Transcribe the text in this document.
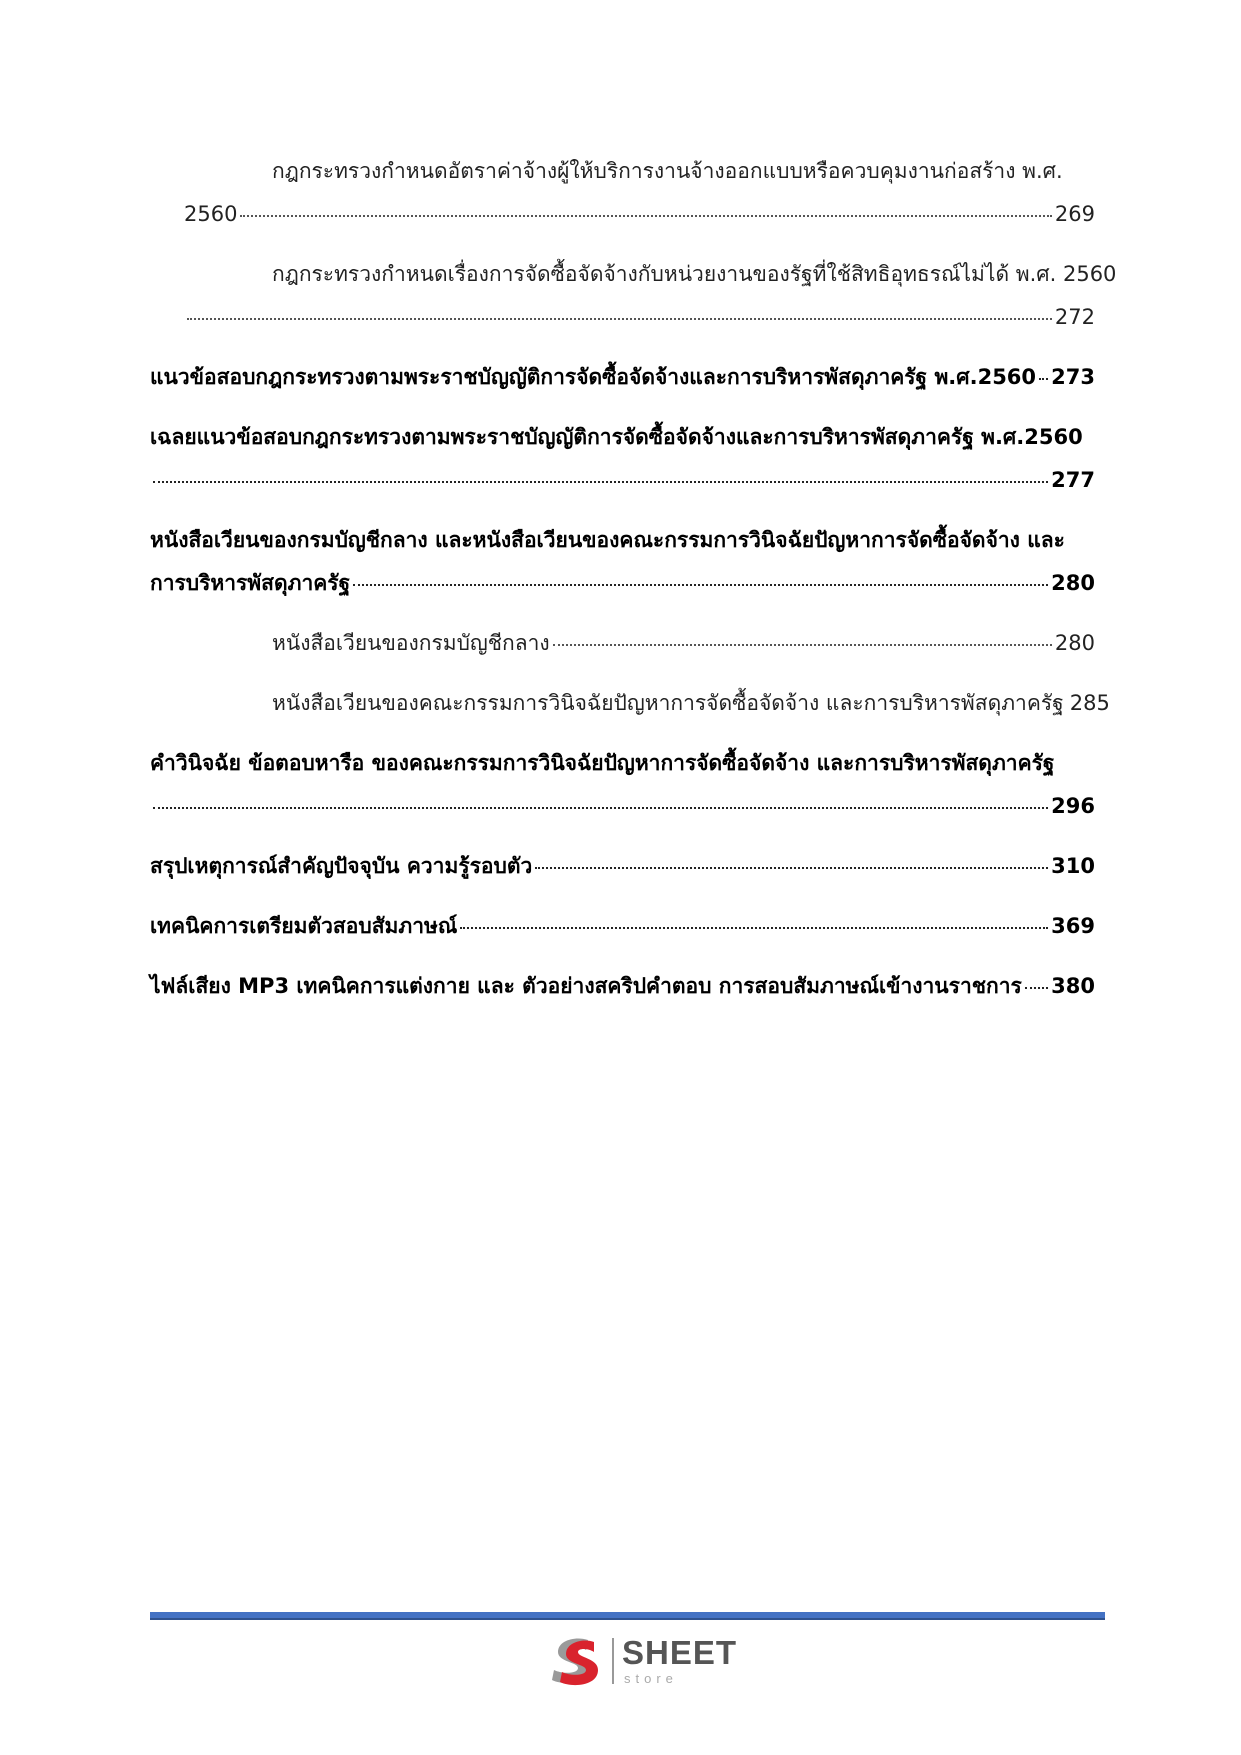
กฎกระทรวงกำหนดอัตราค่าจ้างผู้ให้บริการงานจ้างออกแบบหรือควบคุมงานก่อสร้าง พ.ศ.
2560	269
กฎกระทรวงกำหนดเรื่องการจัดซื้อจัดจ้างกับหน่วยงานของรัฐที่ใช้สิทธิอุทธรณ์ไม่ได้ พ.ศ. 2560
272
แนวข้อสอบกฎกระทรวงตามพระราชบัญญัติการจัดซื้อจัดจ้างและการบริหารพัสดุภาครัฐ พ.ศ.2560 273
เฉลยแนวข้อสอบกฎกระทรวงตามพระราชบัญญัติการจัดซื้อจัดจ้างและการบริหารพัสดุภาครัฐ พ.ศ.2560
277
หนังสือเวียนของกรมบัญชีกลาง และหนังสือเวียนของคณะกรรมการวินิจฉัยปัญหาการจัดซื้อจัดจ้าง และ
การบริหารพัสดุภาครัฐ	280
หนังสือเวียนของกรมบัญชีกลาง	280
หนังสือเวียนของคณะกรรมการวินิจฉัยปัญหาการจัดซื้อจัดจ้าง และการบริหารพัสดุภาครัฐ 285
คำวินิจฉัย ข้อตอบหารือ ของคณะกรรมการวินิจฉัยปัญหาการจัดซื้อจัดจ้าง และการบริหารพัสดุภาครัฐ
296
สรุปเหตุการณ์สำคัญปัจจุบัน ความรู้รอบตัว	310
เทคนิคการเตรียมตัวสอบสัมภาษณ์	369
ไฟล์เสียง MP3 เทคนิคการแต่งกาย และ ตัวอย่างสคริปคำตอบ การสอบสัมภาษณ์เข้างานราชการ 380
SHEET
store
